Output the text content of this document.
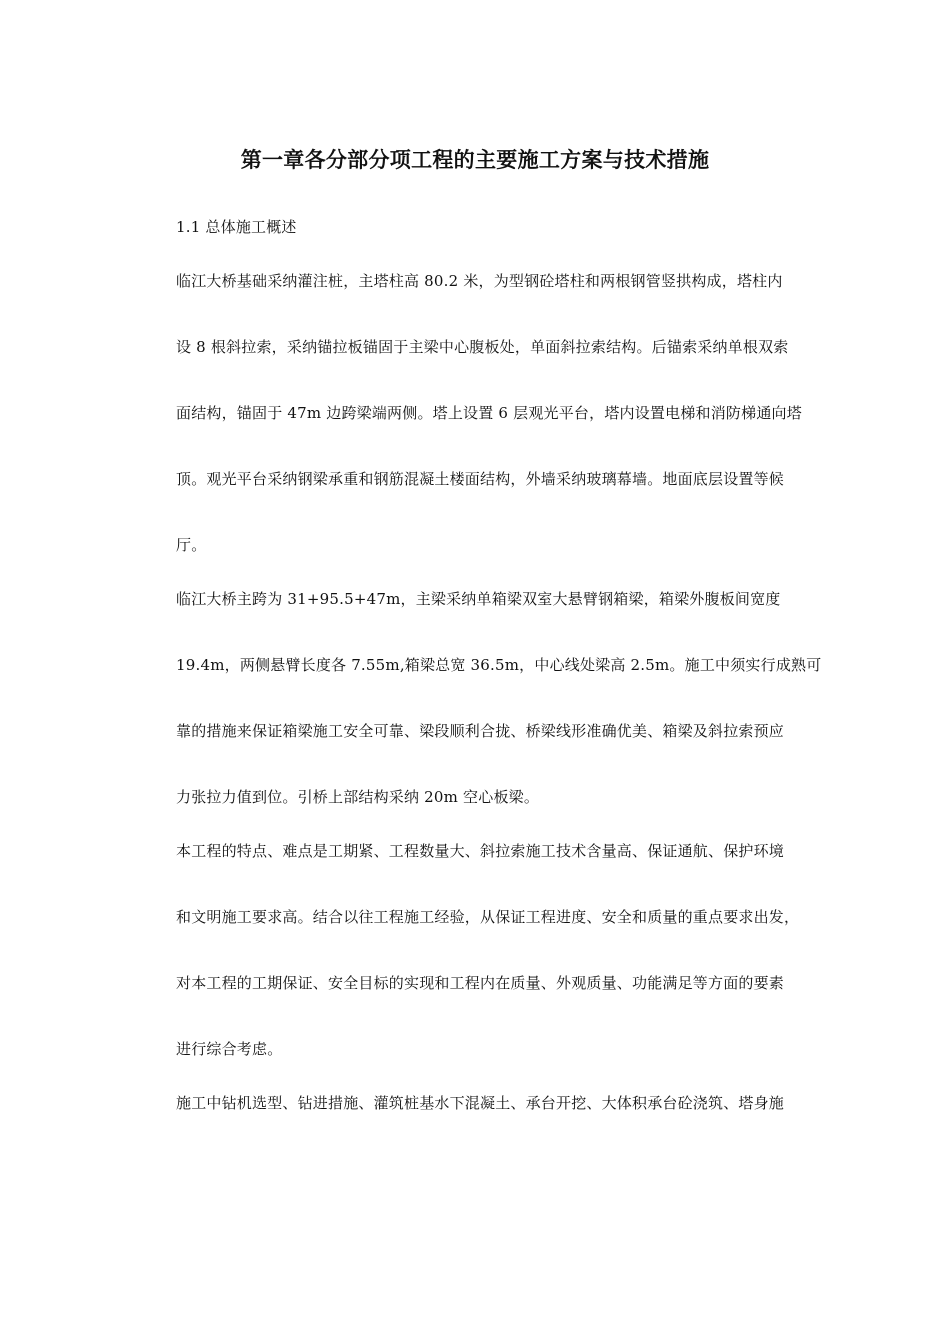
第一章各分部分项工程的主要施工方案与技术措施
1.1 总体施工概述
临江大桥基础采纳灌注桩，主塔柱高 80.2 米，为型钢砼塔柱和两根钢管竖拱构成，塔柱内
设 8 根斜拉索，采纳锚拉板锚固于主梁中心腹板处，单面斜拉索结构。后锚索采纳单根双索
面结构，锚固于 47m 边跨梁端两侧。塔上设置 6 层观光平台，塔内设置电梯和消防梯通向塔
顶。观光平台采纳钢梁承重和钢筋混凝土楼面结构，外墙采纳玻璃幕墙。地面底层设置等候
厅。
临江大桥主跨为 31+95.5+47m，主梁采纳单箱梁双室大悬臂钢箱梁，箱梁外腹板间宽度
19.4m，两侧悬臂长度各 7.55m,箱梁总宽 36.5m，中心线处梁高 2.5m。施工中须实行成熟可
靠的措施来保证箱梁施工安全可靠、梁段顺利合拢、桥梁线形准确优美、箱梁及斜拉索预应
力张拉力值到位。引桥上部结构采纳 20m 空心板梁。
本工程的特点、难点是工期紧、工程数量大、斜拉索施工技术含量高、保证通航、保护环境
和文明施工要求高。结合以往工程施工经验，从保证工程进度、安全和质量的重点要求出发，
对本工程的工期保证、安全目标的实现和工程内在质量、外观质量、功能满足等方面的要素
进行综合考虑。
施工中钻机选型、钻进措施、灌筑桩基水下混凝土、承台开挖、大体积承台砼浇筑、塔身施
